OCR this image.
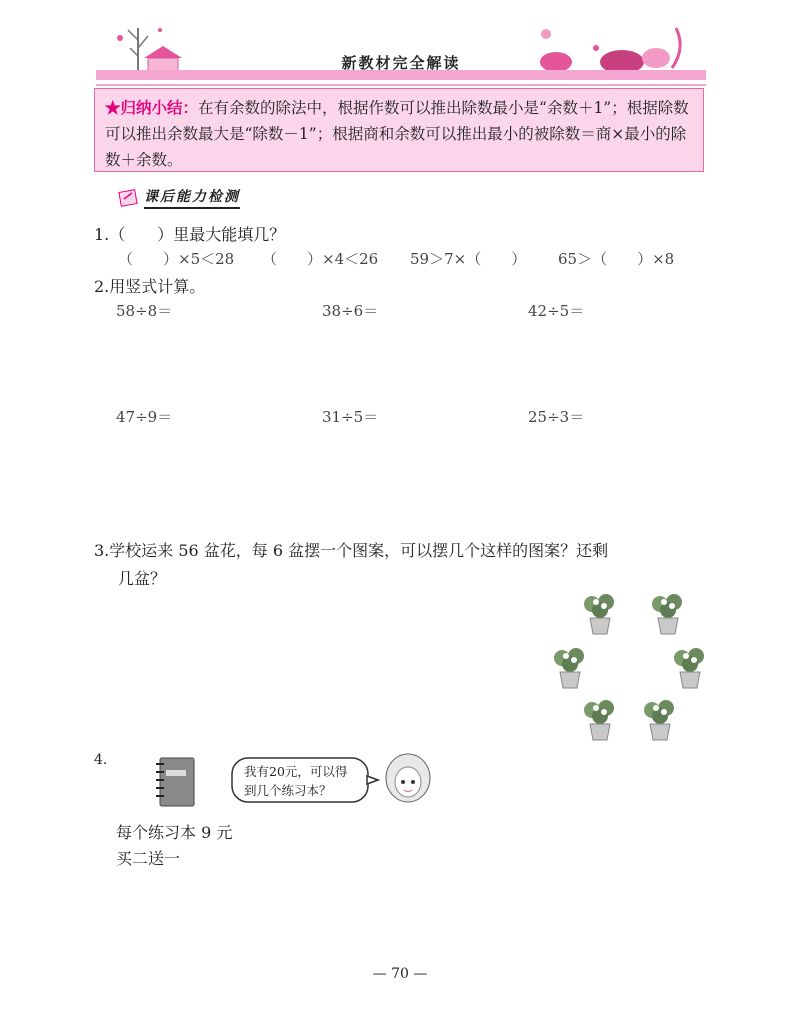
新教材完全解读
★归纳小结：在有余数的除法中，根据作数可以推出除数最小是“余数＋1”；根据除数可以推出余数最大是“除数－1”；根据商和余数可以推出最小的被除数＝商×最小的除数＋余数。
课后能力检测
1.（　　）里最大能填几？
（　　）×5＜28 （　　）×4＜26 59＞7×（　　） 65＞（　　）×8
2.用竖式计算。
58÷8＝	38÷6＝	42÷5＝
47÷9＝	31÷5＝	25÷3＝
3.学校运来 56 盆花，每 6 盆摆一个图案，可以摆几个这样的图案？还剩
几盆？
4.
我有20元，可以得
到几个练习本？
每个练习本 9 元
买二送一
— 70 —
